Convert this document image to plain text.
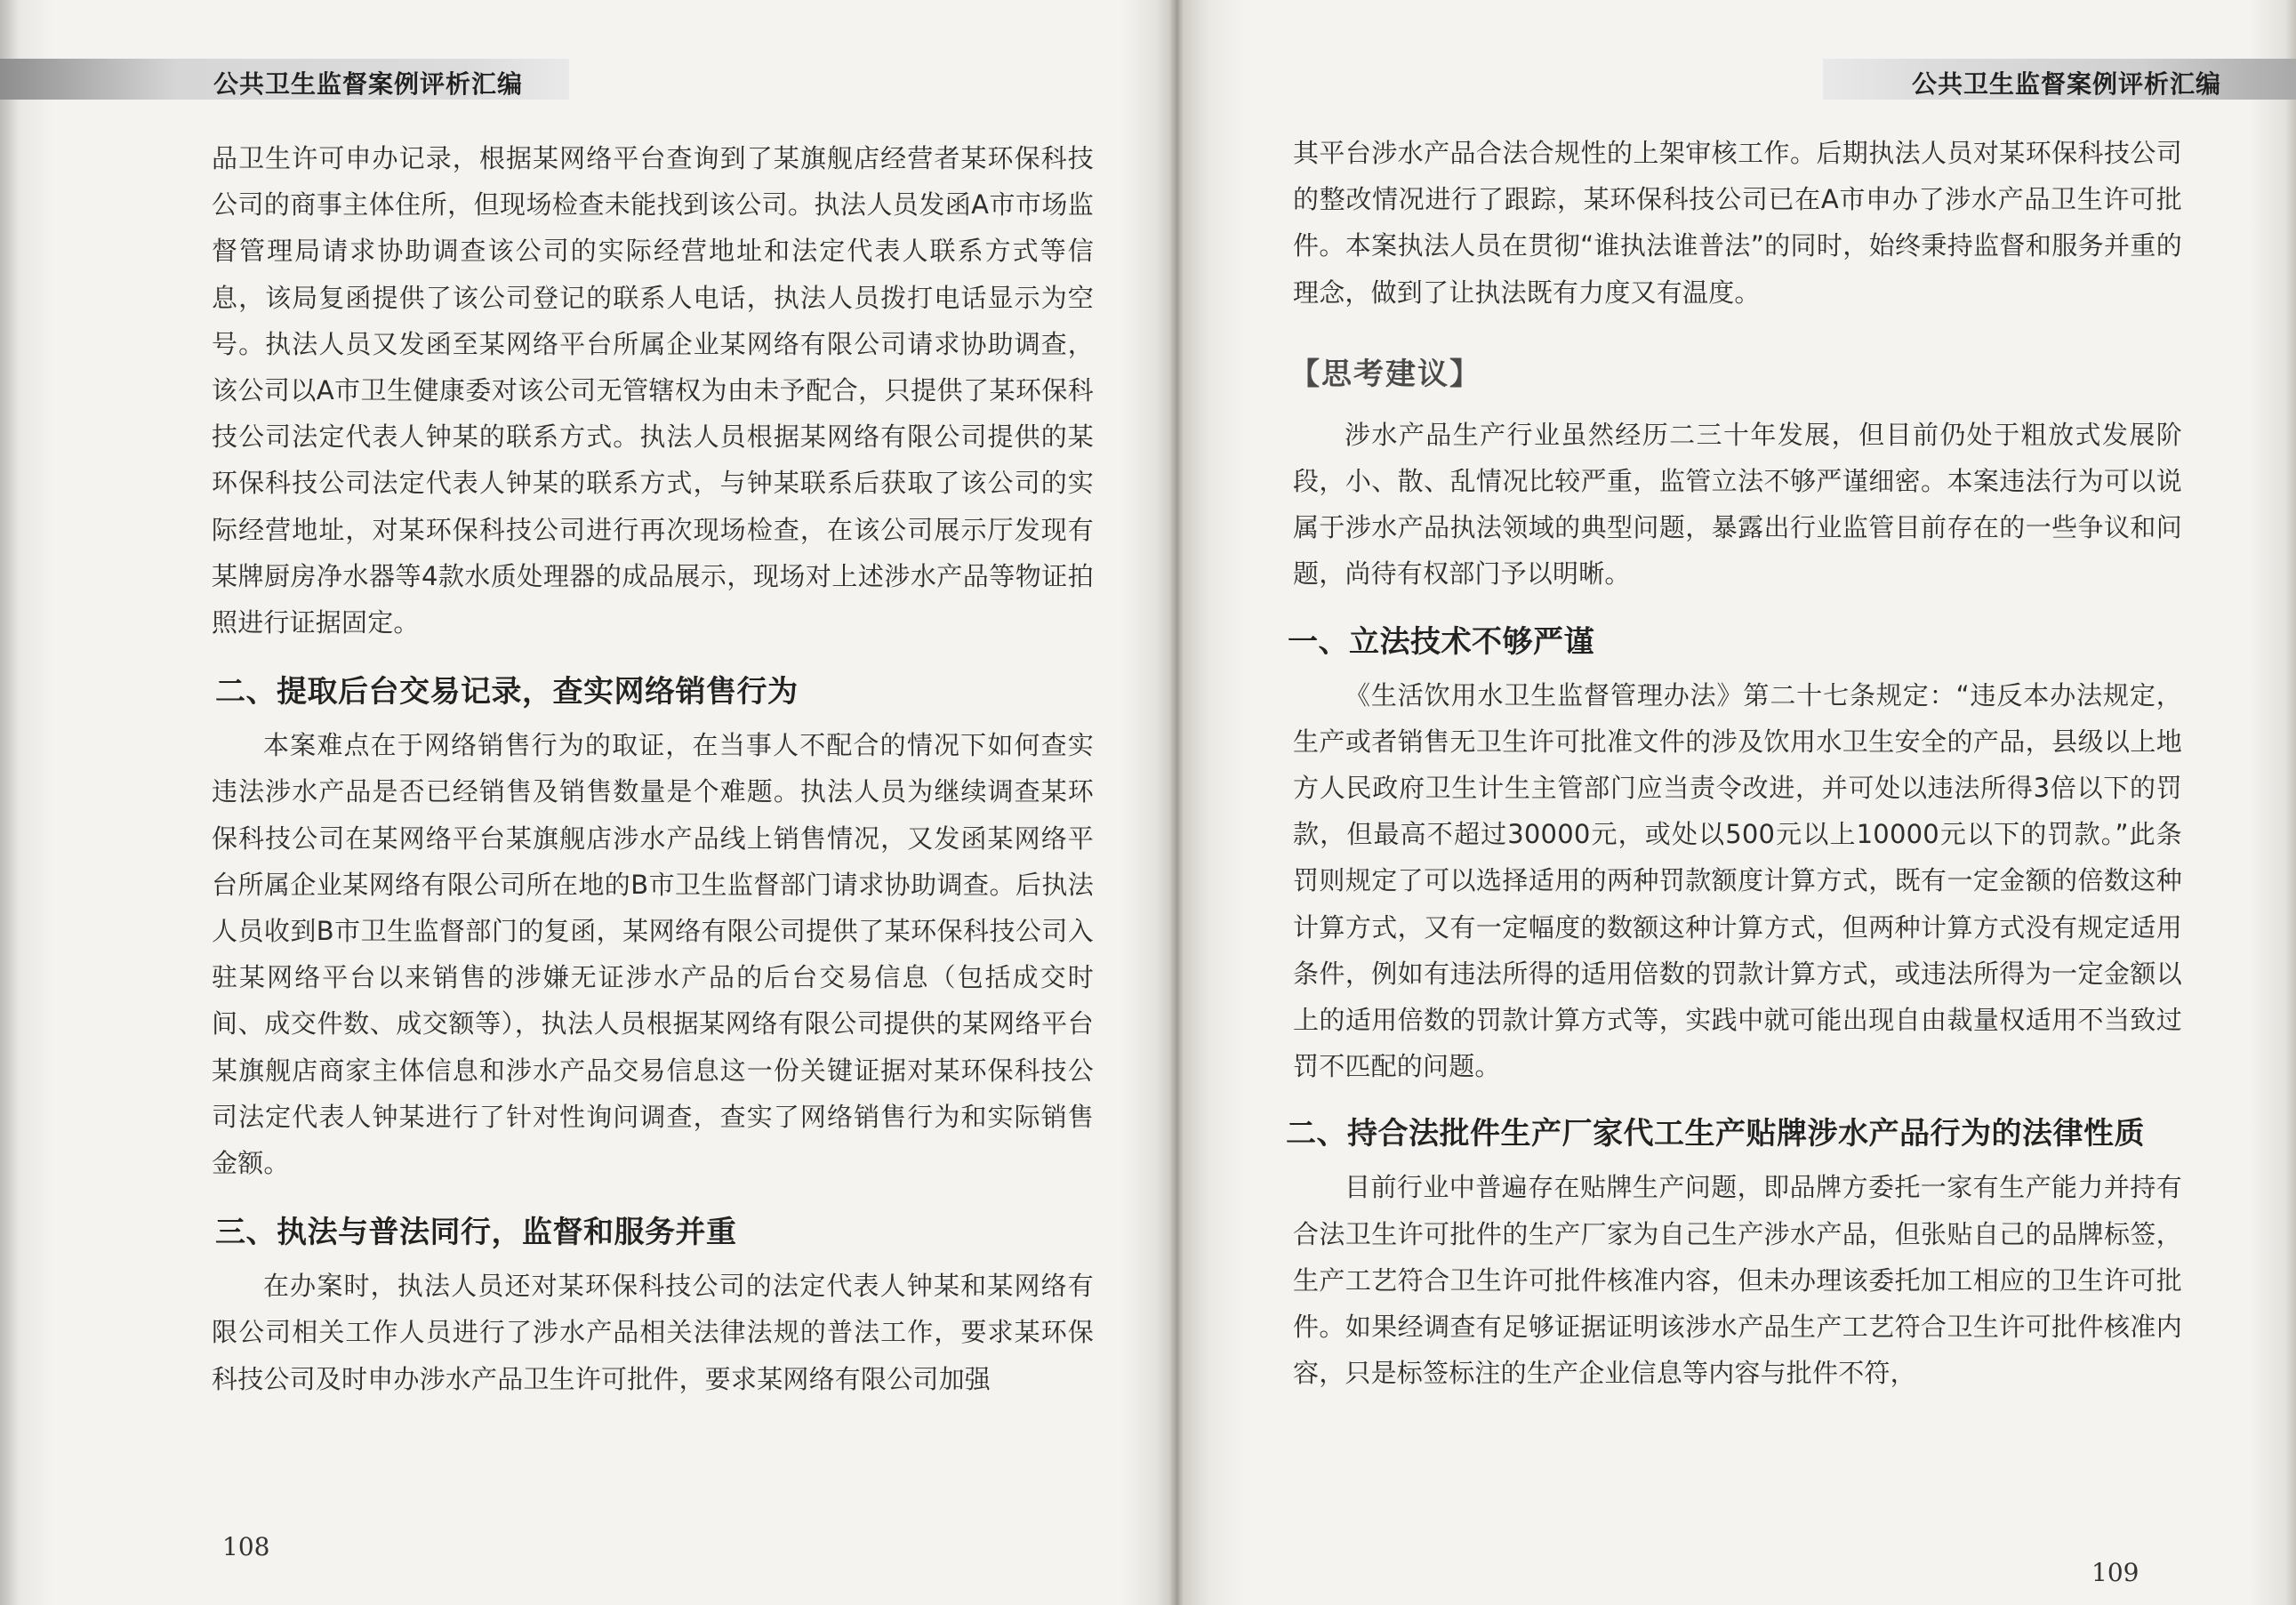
公共卫生监督案例评析汇编

品卫生许可申办记录，根据某网络平台查询到了某旗舰店经营者某环保科技公司的商事主体住所，但现场检查未能找到该公司。执法人员发函A市市场监督管理局请求协助调查该公司的实际经营地址和法定代表人联系方式等信息，该局复函提供了该公司登记的联系人电话，执法人员拨打电话显示为空号。执法人员又发函至某网络平台所属企业某网络有限公司请求协助调查，该公司以A市卫生健康委对该公司无管辖权为由未予配合，只提供了某环保科技公司法定代表人钟某的联系方式。执法人员根据某网络有限公司提供的某环保科技公司法定代表人钟某的联系方式，与钟某联系后获取了该公司的实际经营地址，对某环保科技公司进行再次现场检查，在该公司展示厅发现有某牌厨房净水器等4款水质处理器的成品展示，现场对上述涉水产品等物证拍照进行证据固定。

二、提取后台交易记录，查实网络销售行为

本案难点在于网络销售行为的取证，在当事人不配合的情况下如何查实违法涉水产品是否已经销售及销售数量是个难题。执法人员为继续调查某环保科技公司在某网络平台某旗舰店涉水产品线上销售情况，又发函某网络平台所属企业某网络有限公司所在地的B市卫生监督部门请求协助调查。后执法人员收到B市卫生监督部门的复函，某网络有限公司提供了某环保科技公司入驻某网络平台以来销售的涉嫌无证涉水产品的后台交易信息（包括成交时间、成交件数、成交额等），执法人员根据某网络有限公司提供的某网络平台某旗舰店商家主体信息和涉水产品交易信息这一份关键证据对某环保科技公司法定代表人钟某进行了针对性询问调查，查实了网络销售行为和实际销售金额。

三、执法与普法同行，监督和服务并重

在办案时，执法人员还对某环保科技公司的法定代表人钟某和某网络有限公司相关工作人员进行了涉水产品相关法律法规的普法工作，要求某环保科技公司及时申办涉水产品卫生许可批件，要求某网络有限公司加强

108
公共卫生监督案例评析汇编

其平台涉水产品合法合规性的上架审核工作。后期执法人员对某环保科技公司的整改情况进行了跟踪，某环保科技公司已在A市申办了涉水产品卫生许可批件。本案执法人员在贯彻“谁执法谁普法”的同时，始终秉持监督和服务并重的理念，做到了让执法既有力度又有温度。

【思考建议】

涉水产品生产行业虽然经历二三十年发展，但目前仍处于粗放式发展阶段，小、散、乱情况比较严重，监管立法不够严谨细密。本案违法行为可以说属于涉水产品执法领域的典型问题，暴露出行业监管目前存在的一些争议和问题，尚待有权部门予以明晰。

一、立法技术不够严谨

《生活饮用水卫生监督管理办法》第二十七条规定：“违反本办法规定，生产或者销售无卫生许可批准文件的涉及饮用水卫生安全的产品，县级以上地方人民政府卫生计生主管部门应当责令改进，并可处以违法所得3倍以下的罚款，但最高不超过30000元，或处以500元以上10000元以下的罚款。”此条罚则规定了可以选择适用的两种罚款额度计算方式，既有一定金额的倍数这种计算方式，又有一定幅度的数额这种计算方式，但两种计算方式没有规定适用条件，例如有违法所得的适用倍数的罚款计算方式，或违法所得为一定金额以上的适用倍数的罚款计算方式等，实践中就可能出现自由裁量权适用不当致过罚不匹配的问题。

二、持合法批件生产厂家代工生产贴牌涉水产品行为的法律性质

目前行业中普遍存在贴牌生产问题，即品牌方委托一家有生产能力并持有合法卫生许可批件的生产厂家为自己生产涉水产品，但张贴自己的品牌标签，生产工艺符合卫生许可批件核准内容，但未办理该委托加工相应的卫生许可批件。如果经调查有足够证据证明该涉水产品生产工艺符合卫生许可批件核准内容，只是标签标注的生产企业信息等内容与批件不符，

109
